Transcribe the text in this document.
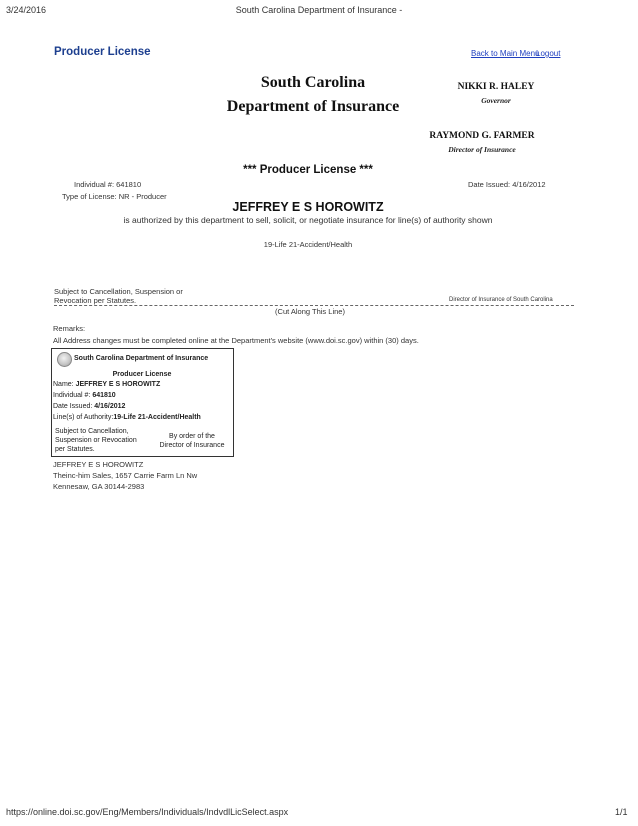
3/24/2016	South Carolina Department of Insurance -
Producer License	Back to Main Menu
Logout
South Carolina
Department of Insurance
NIKKI R. HALEY
Governor
RAYMOND G. FARMER
Director of Insurance
*** Producer License ***
Individual #: 641810	Date Issued: 4/16/2012
Type of License: NR - Producer
JEFFREY E S HOROWITZ
is authorized by this department to sell, solicit, or negotiate insurance for line(s) of authority shown
19-Life 21-Accident/Health
Subject to Cancellation, Suspension or
Revocation per Statutes.	Director of Insurance of South Carolina
(Cut Along This Line)
Remarks:
All Address changes must be completed online at the Department's website (www.doi.sc.gov) within (30) days.
South Carolina Department of Insurance
Producer License
Name: JEFFREY E S HOROWITZ
Individual #: 641810
Date Issued: 4/16/2012
Line(s) of Authority:19-Life 21-Accident/Health
Subject to Cancellation,
Suspension or Revocation
per Statutes.
By order of the
Director of Insurance
JEFFREY E S HOROWITZ
Theinc-him Sales, 1657 Carrie Farm Ln Nw
Kennesaw, GA 30144-2983
https://online.doi.sc.gov/Eng/Members/Individuals/IndvdlLicSelect.aspx	1/1
